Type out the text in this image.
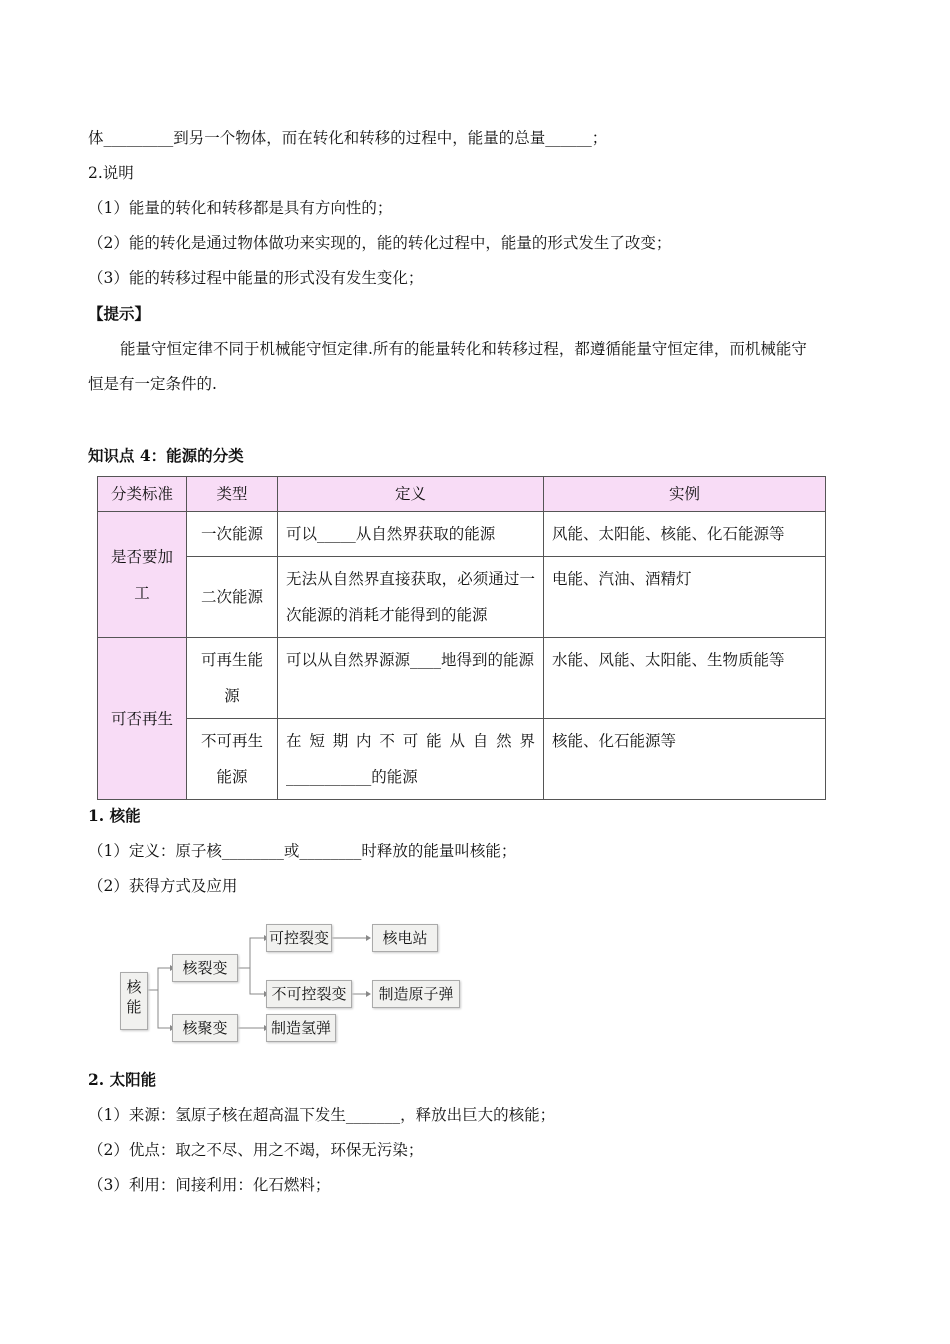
体_________到另一个物体，而在转化和转移的过程中，能量的总量______；
2.说明
（1）能量的转化和转移都是具有方向性的；
（2）能的转化是通过物体做功来实现的，能的转化过程中，能量的形式发生了改变；
（3）能的转移过程中能量的形式没有发生变化；
【提示】
能量守恒定律不同于机械能守恒定律.所有的能量转化和转移过程，都遵循能量守恒定律，而机械能守
恒是有一定条件的.
知识点 4：能源的分类
分类标准	类型	定义	实例
是否要加工	一次能源	可以_____从自然界获取的能源	风能、太阳能、核能、化石能源等
	二次能源	无法从自然界直接获取，必须通过一次能源的消耗才能得到的能源	电能、汽油、酒精灯
可否再生	可再生能源	可以从自然界源源____地得到的能源	水能、风能、太阳能、生物质能等
	不可再生能源	在短期内不可能从自然界___________的能源	核能、化石能源等
1. 核能
（1）定义：原子核________或________时释放的能量叫核能；
（2）获得方式及应用
核能
核裂变
核聚变
可控裂变
不可控裂变
核电站
制造原子弹
制造氢弹
2. 太阳能
（1）来源：氢原子核在超高温下发生_______，释放出巨大的核能；
（2）优点：取之不尽、用之不竭，环保无污染；
（3）利用：间接利用：化石燃料；
